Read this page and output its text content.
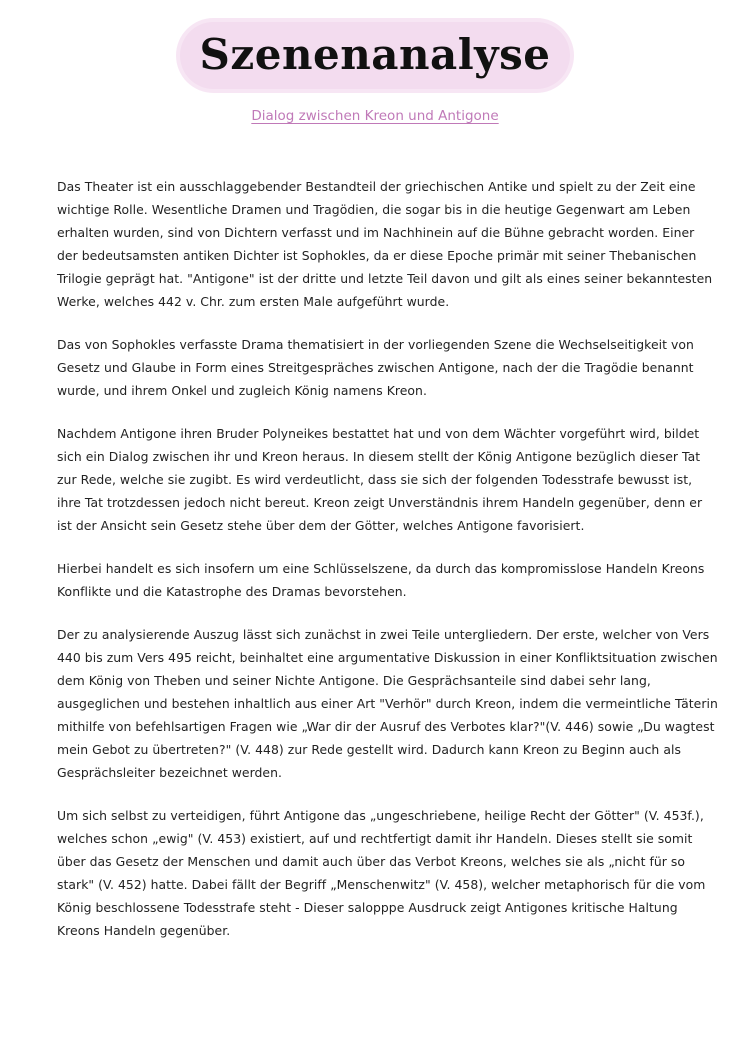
Szenenanalyse
Dialog zwischen Kreon und Antigone

Das Theater ist ein ausschlaggebender Bestandteil der griechischen Antike und spielt zu der Zeit eine wichtige Rolle. Wesentliche Dramen und Tragödien, die sogar bis in die heutige Gegenwart am Leben erhalten wurden, sind von Dichtern verfasst und im Nachhinein auf die Bühne gebracht worden. Einer der bedeutsamsten antiken Dichter ist Sophokles, da er diese Epoche primär mit seiner Thebanischen Trilogie geprägt hat. "Antigone" ist der dritte und letzte Teil davon und gilt als eines seiner bekanntesten Werke, welches 442 v. Chr. zum ersten Male aufgeführt wurde.

Das von Sophokles verfasste Drama thematisiert in der vorliegenden Szene die Wechselseitigkeit von Gesetz und Glaube in Form eines Streitgespräches zwischen Antigone, nach der die Tragödie benannt wurde, und ihrem Onkel und zugleich König namens Kreon.

Nachdem Antigone ihren Bruder Polyneikes bestattet hat und von dem Wächter vorgeführt wird, bildet sich ein Dialog zwischen ihr und Kreon heraus. In diesem stellt der König Antigone bezüglich dieser Tat zur Rede, welche sie zugibt. Es wird verdeutlicht, dass sie sich der folgenden Todesstrafe bewusst ist, ihre Tat trotzdessen jedoch nicht bereut. Kreon zeigt Unverständnis ihrem Handeln gegenüber, denn er ist der Ansicht sein Gesetz stehe über dem der Götter, welches Antigone favorisiert.

Hierbei handelt es sich insofern um eine Schlüsselszene, da durch das kompromisslose Handeln Kreons Konflikte und die Katastrophe des Dramas bevorstehen.

Der zu analysierende Auszug lässt sich zunächst in zwei Teile untergliedern. Der erste, welcher von Vers 440 bis zum Vers 495 reicht, beinhaltet eine argumentative Diskussion in einer Konfliktsituation zwischen dem König von Theben und seiner Nichte Antigone. Die Gesprächsanteile sind dabei sehr lang, ausgeglichen und bestehen inhaltlich aus einer Art "Verhör" durch Kreon, indem die vermeintliche Täterin mithilfe von befehlsartigen Fragen wie „War dir der Ausruf des Verbotes klar?"(V. 446) sowie „Du wagtest mein Gebot zu übertreten?" (V. 448) zur Rede gestellt wird. Dadurch kann Kreon zu Beginn auch als Gesprächsleiter bezeichnet werden.

Um sich selbst zu verteidigen, führt Antigone das „ungeschriebene, heilige Recht der Götter" (V. 453f.), welches schon „ewig" (V. 453) existiert, auf und rechtfertigt damit ihr Handeln. Dieses stellt sie somit über das Gesetz der Menschen und damit auch über das Verbot Kreons, welches sie als „nicht für so stark" (V. 452) hatte. Dabei fällt der Begriff „Menschenwitz" (V. 458), welcher metaphorisch für die vom König beschlossene Todesstrafe steht - Dieser salopppe Ausdruck zeigt Antigones kritische Haltung Kreons Handeln gegenüber.
